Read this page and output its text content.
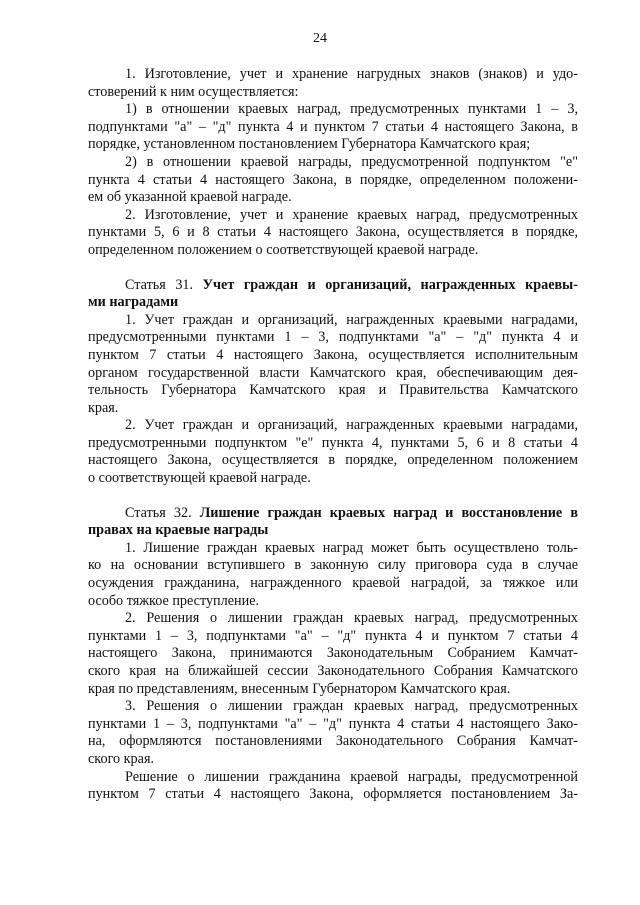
24
1. Изготовление, учет и хранение нагрудных знаков (знаков) и удо-
стоверений к ним осуществляется:
1) в отношении краевых наград, предусмотренных пунктами 1 – 3,
подпунктами "а" – "д" пункта 4 и пунктом 7 статьи 4 настоящего Закона, в
порядке, установленном постановлением Губернатора Камчатского края;
2) в отношении краевой награды, предусмотренной подпунктом "е"
пункта 4 статьи 4 настоящего Закона, в порядке, определенном положени-
ем об указанной краевой награде.
2. Изготовление, учет и хранение краевых наград, предусмотренных
пунктами 5, 6 и 8 статьи 4 настоящего Закона, осуществляется в порядке,
определенном положением о соответствующей краевой награде.
Статья 31. Учет граждан и организаций, награжденных краевы-
ми наградами
1. Учет граждан и организаций, награжденных краевыми наградами,
предусмотренными пунктами 1 – 3, подпунктами "а" – "д" пункта 4 и
пунктом 7 статьи 4 настоящего Закона, осуществляется исполнительным
органом государственной власти Камчатского края, обеспечивающим дея-
тельность Губернатора Камчатского края и Правительства Камчатского
края.
2. Учет граждан и организаций, награжденных краевыми наградами,
предусмотренными подпунктом "е" пункта 4, пунктами 5, 6 и 8 статьи 4
настоящего Закона, осуществляется в порядке, определенном положением
о соответствующей краевой награде.
Статья 32. Лишение граждан краевых наград и восстановление в
правах на краевые награды
1. Лишение граждан краевых наград может быть осуществлено толь-
ко на основании вступившего в законную силу приговора суда в случае
осуждения гражданина, награжденного краевой наградой, за тяжкое или
особо тяжкое преступление.
2. Решения о лишении граждан краевых наград, предусмотренных
пунктами 1 – 3, подпунктами "а" – "д" пункта 4 и пунктом 7 статьи 4
настоящего Закона, принимаются Законодательным Собранием Камчат-
ского края на ближайшей сессии Законодательного Собрания Камчатского
края по представлениям, внесенным Губернатором Камчатского края.
3. Решения о лишении граждан краевых наград, предусмотренных
пунктами 1 – 3, подпунктами "а" – "д" пункта 4 статьи 4 настоящего Зако-
на, оформляются постановлениями Законодательного Собрания Камчат-
ского края.
Решение о лишении гражданина краевой награды, предусмотренной
пунктом 7 статьи 4 настоящего Закона, оформляется постановлением За-
